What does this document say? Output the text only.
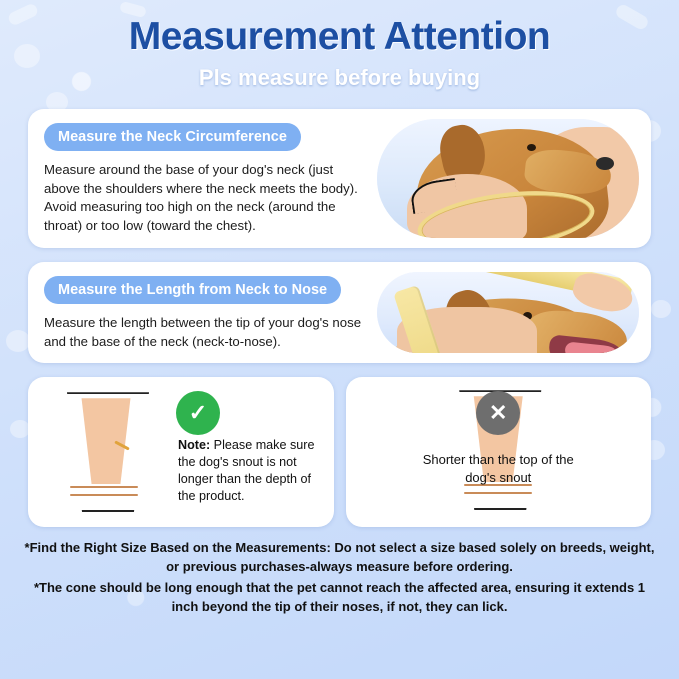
Measurement Attention

Pls measure before buying

Measure the Neck Circumference

Measure around the base of your dog's neck (just above the shoulders where the neck meets the body). Avoid measuring too high on the neck (around the throat) or too low (toward the chest).

Measure the Length from Neck to Nose

Measure the length between the tip of your dog's nose and the base of the neck (neck-to-nose).

✓
Note: Please make sure the dog's snout is not longer than the depth of the product.
✕
Shorter than the top of the dog's snout

*Find the Right Size Based on the Measurements: Do not select a size based solely on breeds, weight, or previous purchases-always measure before ordering.

*The cone should be long enough that the pet cannot reach the affected area, ensuring it extends 1 inch beyond the tip of their noses, if not, they can lick.
